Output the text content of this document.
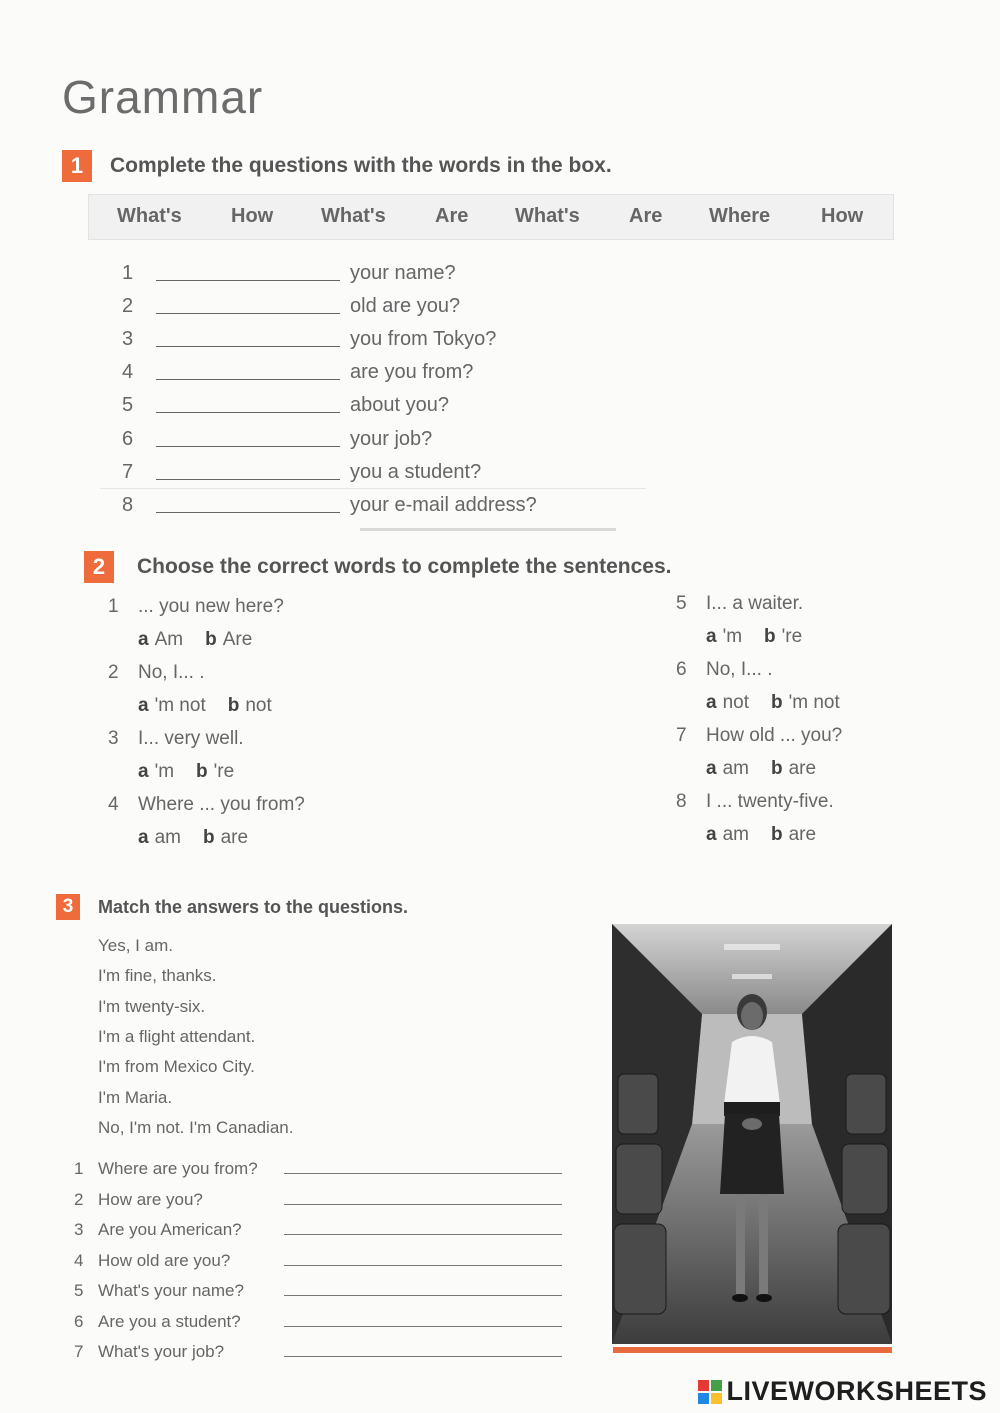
Grammar
1 Complete the questions with the words in the box.
What's How What's Are What's Are Where	How
1	your name?
2	old are you?
3	you from Tokyo?
4	are you from?
5	about you?
6	your job?
7	you a student?
8	your e-mail address?
2 Choose the correct words to complete the sentences.
1 ... you new here?
a Am b Are
2 No, I... .
a 'm not b not
3 I... very well.
a 'm b 're
4 Where ... you from?
a am b are
5 I... a waiter.
a 'm b 're
6 No, I... .
a not b 'm not
7 How old ... you?
a am b are
8 I ... twenty-five.
a am b are
3 Match the answers to the questions.
Yes, I am.
I'm fine, thanks.
I'm twenty-six.
I'm a flight attendant.
I'm from Mexico City.
I'm Maria.
No, I'm not. I'm Canadian.
1 Where are you from?
2 How are you?
3 Are you American?
4 How old are you?
5 What's your name?
6 Are you a student?
7 What's your job?
LIVEWORKSHEETS
